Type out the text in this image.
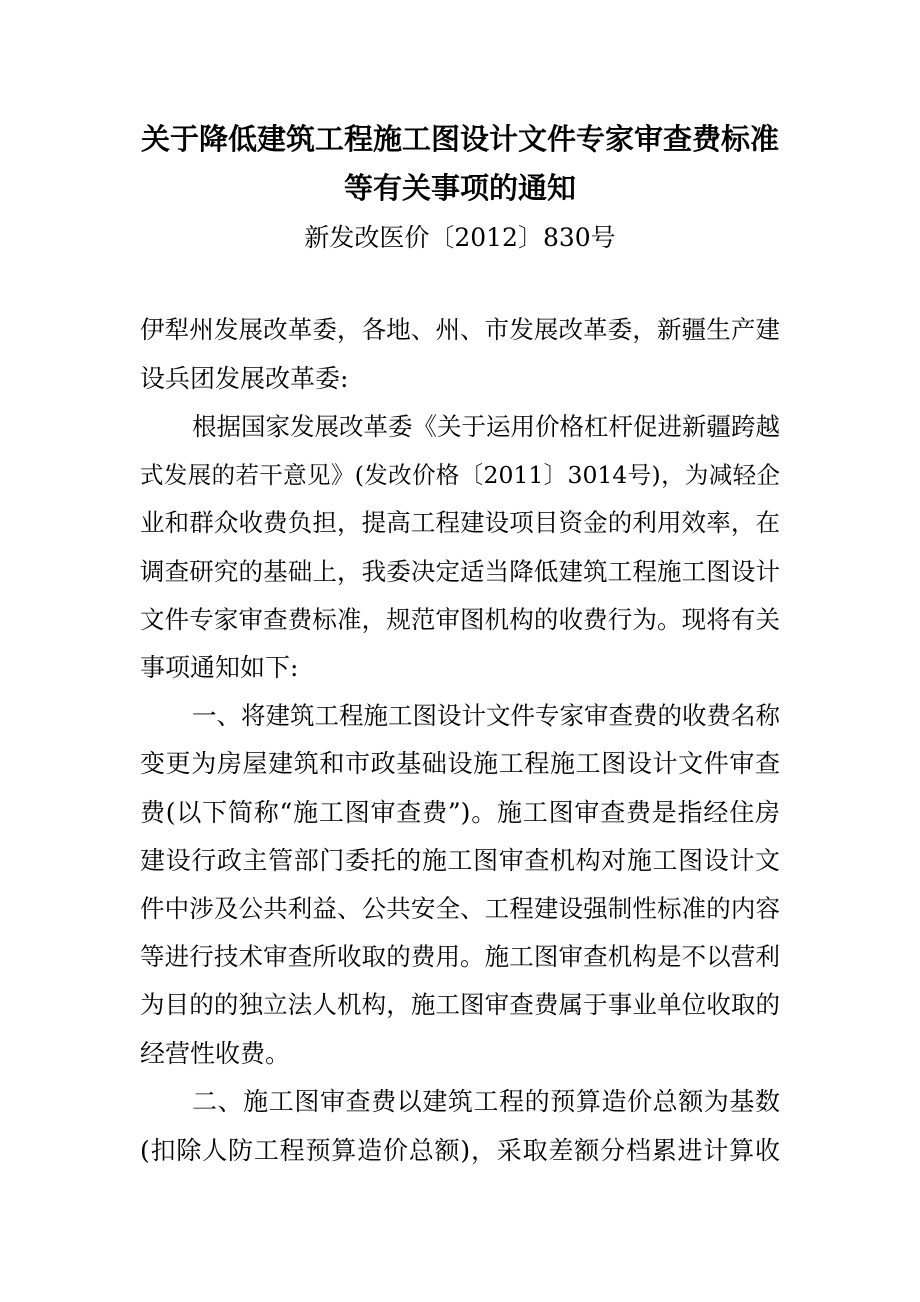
关于降低建筑工程施工图设计文件专家审查费标准
等有关事项的通知
新发改医价〔2012〕830号
伊犁州发展改革委，各地、州、市发展改革委，新疆生产建
设兵团发展改革委:
根据国家发展改革委《关于运用价格杠杆促进新疆跨越
式发展的若干意见》(发改价格〔2011〕3014号)，为减轻企
业和群众收费负担，提高工程建设项目资金的利用效率，在
调查研究的基础上，我委决定适当降低建筑工程施工图设计
文件专家审查费标准，规范审图机构的收费行为。现将有关
事项通知如下:
一、将建筑工程施工图设计文件专家审查费的收费名称
变更为房屋建筑和市政基础设施工程施工图设计文件审查
费(以下简称“施工图审查费”)。施工图审查费是指经住房
建设行政主管部门委托的施工图审查机构对施工图设计文
件中涉及公共利益、公共安全、工程建设强制性标准的内容
等进行技术审查所收取的费用。施工图审查机构是不以营利
为目的的独立法人机构，施工图审查费属于事业单位收取的
经营性收费。
二、施工图审查费以建筑工程的预算造价总额为基数
(扣除人防工程预算造价总额)，采取差额分档累进计算收
